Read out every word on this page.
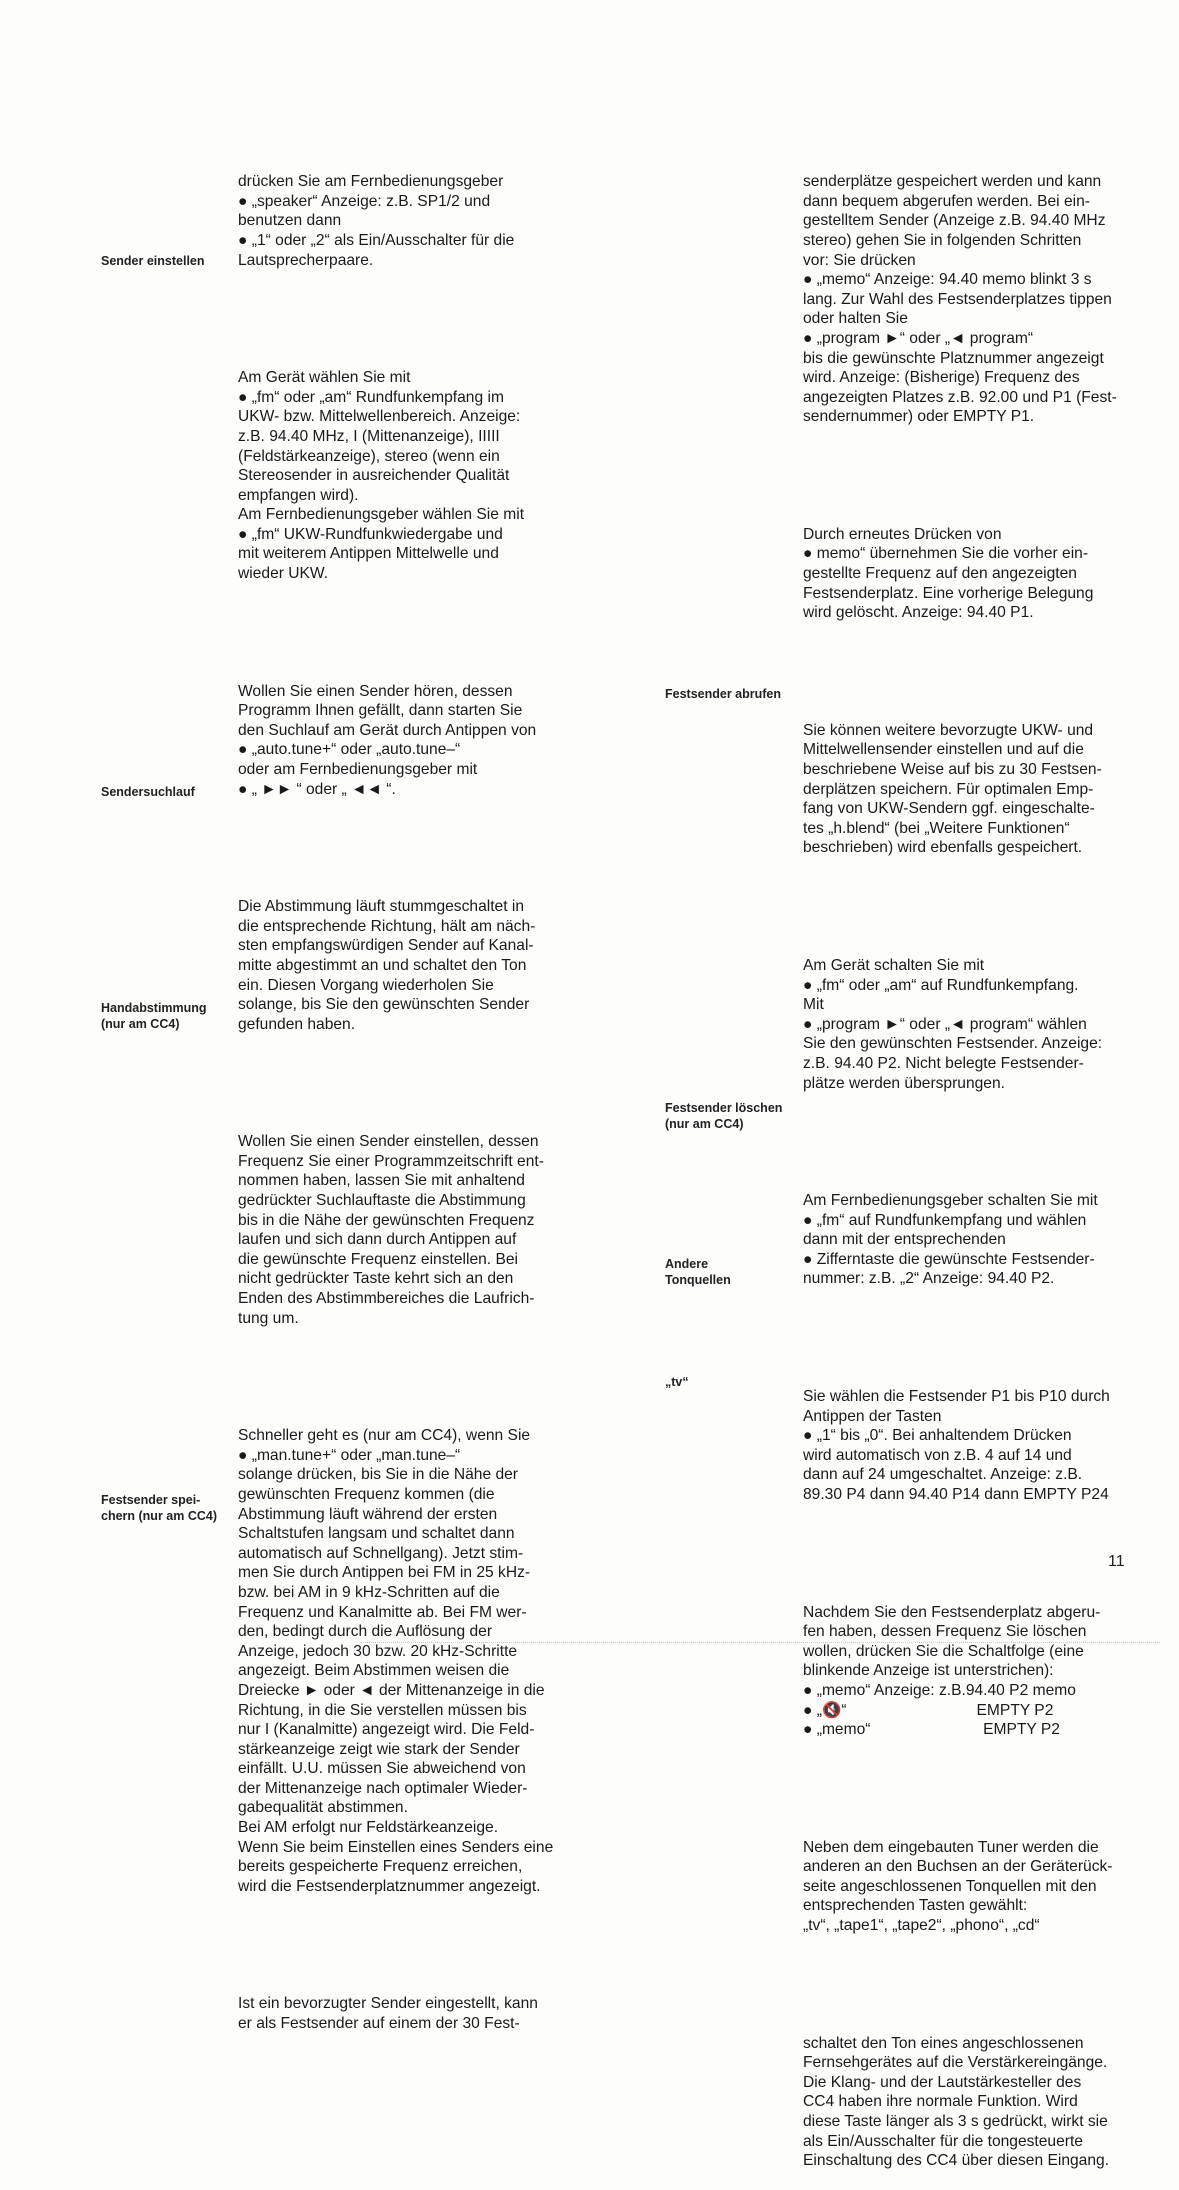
Sender einstellen
Sendersuchlauf
Handabstimmung
(nur am CC4)
Festsender spei-
chern (nur am CC4)
Festsender abrufen
Festsender löschen
(nur am CC4)
Andere
Tonquellen
„tv“

drücken Sie am Fernbedienungsgeber
● „speaker“ Anzeige: z.B. SP1/2 und
benutzen dann
● „1“ oder „2“ als Ein/Ausschalter für die
Lautsprecherpaare.

Am Gerät wählen Sie mit
● „fm“ oder „am“ Rundfunkempfang im
UKW- bzw. Mittelwellenbereich. Anzeige:
z.B. 94.40 MHz, I (Mittenanzeige), IIIII
(Feldstärkeanzeige), stereo (wenn ein
Stereosender in ausreichender Qualität
empfangen wird).
Am Fernbedienungsgeber wählen Sie mit
● „fm“ UKW-Rundfunkwiedergabe und
mit weiterem Antippen Mittelwelle und
wieder UKW.

Wollen Sie einen Sender hören, dessen
Programm Ihnen gefällt, dann starten Sie
den Suchlauf am Gerät durch Antippen von
● „auto.tune+“ oder „auto.tune–“
oder am Fernbedienungsgeber mit
● „ ►► “ oder „ ◄◄ “.

Die Abstimmung läuft stummgeschaltet in
die entsprechende Richtung, hält am näch-
sten empfangswürdigen Sender auf Kanal-
mitte abgestimmt an und schaltet den Ton
ein. Diesen Vorgang wiederholen Sie
solange, bis Sie den gewünschten Sender
gefunden haben.

Wollen Sie einen Sender einstellen, dessen
Frequenz Sie einer Programmzeitschrift ent-
nommen haben, lassen Sie mit anhaltend
gedrückter Suchlauftaste die Abstimmung
bis in die Nähe der gewünschten Frequenz
laufen und sich dann durch Antippen auf
die gewünschte Frequenz einstellen. Bei
nicht gedrückter Taste kehrt sich an den
Enden des Abstimmbereiches die Laufrich-
tung um.

Schneller geht es (nur am CC4), wenn Sie
● „man.tune+“ oder „man.tune–“
solange drücken, bis Sie in die Nähe der
gewünschten Frequenz kommen (die
Abstimmung läuft während der ersten
Schaltstufen langsam und schaltet dann
automatisch auf Schnellgang). Jetzt stim-
men Sie durch Antippen bei FM in 25 kHz-
bzw. bei AM in 9 kHz-Schritten auf die
Frequenz und Kanalmitte ab. Bei FM wer-
den, bedingt durch die Auflösung der
Anzeige, jedoch 30 bzw. 20 kHz-Schritte
angezeigt. Beim Abstimmen weisen die
Dreiecke ► oder ◄ der Mittenanzeige in die
Richtung, in die Sie verstellen müssen bis
nur I (Kanalmitte) angezeigt wird. Die Feld-
stärkeanzeige zeigt wie stark der Sender
einfällt. U.U. müssen Sie abweichend von
der Mittenanzeige nach optimaler Wieder-
gabequalität abstimmen.
Bei AM erfolgt nur Feldstärkeanzeige.
Wenn Sie beim Einstellen eines Senders eine
bereits gespeicherte Frequenz erreichen,
wird die Festsenderplatznummer angezeigt.

Ist ein bevorzugter Sender eingestellt, kann
er als Festsender auf einem der 30 Fest-

senderplätze gespeichert werden und kann
dann bequem abgerufen werden. Bei ein-
gestelltem Sender (Anzeige z.B. 94.40 MHz
stereo) gehen Sie in folgenden Schritten
vor: Sie drücken
● „memo“ Anzeige: 94.40 memo blinkt 3 s
lang. Zur Wahl des Festsenderplatzes tippen
oder halten Sie
● „program ►“ oder „◄ program“
bis die gewünschte Platznummer angezeigt
wird. Anzeige: (Bisherige) Frequenz des
angezeigten Platzes z.B. 92.00 und P1 (Fest-
sendernummer) oder EMPTY P1.

Durch erneutes Drücken von
● memo“ übernehmen Sie die vorher ein-
gestellte Frequenz auf den angezeigten
Festsenderplatz. Eine vorherige Belegung
wird gelöscht. Anzeige: 94.40 P1.

Sie können weitere bevorzugte UKW- und
Mittelwellensender einstellen und auf die
beschriebene Weise auf bis zu 30 Festsen-
derplätzen speichern. Für optimalen Emp-
fang von UKW-Sendern ggf. eingeschalte-
tes „h.blend“ (bei „Weitere Funktionen“
beschrieben) wird ebenfalls gespeichert.

Am Gerät schalten Sie mit
● „fm“ oder „am“ auf Rundfunkempfang.
Mit
● „program ►“ oder „◄ program“ wählen
Sie den gewünschten Festsender. Anzeige:
z.B. 94.40 P2. Nicht belegte Festsender-
plätze werden übersprungen.

Am Fernbedienungsgeber schalten Sie mit
● „fm“ auf Rundfunkempfang und wählen
dann mit der entsprechenden
● Zifferntaste die gewünschte Festsender-
nummer: z.B. „2“ Anzeige: 94.40 P2.

Sie wählen die Festsender P1 bis P10 durch
Antippen der Tasten
● „1“ bis „0“. Bei anhaltendem Drücken
wird automatisch von z.B. 4 auf 14 und
dann auf 24 umgeschaltet. Anzeige: z.B.
89.30 P4 dann 94.40 P14 dann EMPTY P24

Nachdem Sie den Festsenderplatz abgeru-
fen haben, dessen Frequenz Sie löschen
wollen, drücken Sie die Schaltfolge (eine
blinkende Anzeige ist unterstrichen):
● „memo“ Anzeige: z.B.94.40 P2 memo
● „🔇“                              EMPTY P2
● „memo“                          EMPTY P2

Neben dem eingebauten Tuner werden die
anderen an den Buchsen an der Geräterück-
seite angeschlossenen Tonquellen mit den
entsprechenden Tasten gewählt:
„tv“, „tape1“, „tape2“, „phono“, „cd“

schaltet den Ton eines angeschlossenen
Fernsehgerätes auf die Verstärkereingänge.
Die Klang- und der Lautstärkesteller des
CC4 haben ihre normale Funktion. Wird
diese Taste länger als 3 s gedrückt, wirkt sie
als Ein/Ausschalter für die tongesteuerte
Einschaltung des CC4 über diesen Eingang.

11
